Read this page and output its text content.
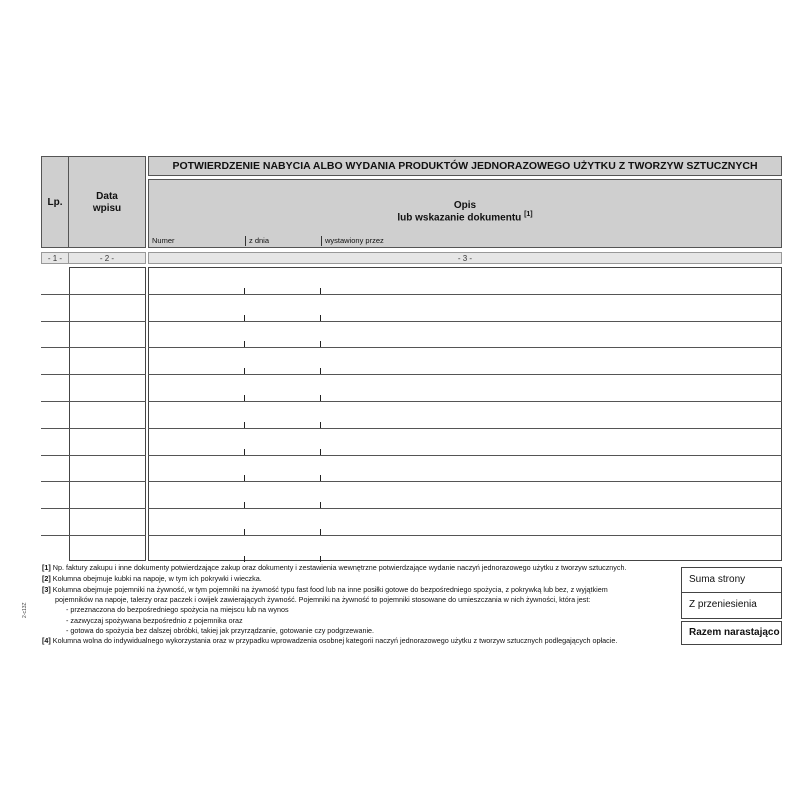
Lp.
Data
wpisu
POTWIERDZENIE NABYCIA ALBO WYDANIA PRODUKTÓW JEDNORAZOWEGO UŻYTKU Z TWORZYW SZTUCZNYCH
Opis
lub wskazanie dokumentu [1]
Numer	z dnia	wystawiony przez
- 1 -	- 2 -	- 3 -
[1] Np. faktury zakupu i inne dokumenty potwierdzające zakup oraz dokumenty i zestawienia wewnętrzne potwierdzające wydanie naczyń jednorazowego użytku z tworzyw sztucznych.
[2] Kolumna obejmuje kubki na napoje, w tym ich pokrywki i wieczka.
[3] Kolumna obejmuje pojemniki na żywność, w tym pojemniki na żywność typu fast food lub na inne posiłki gotowe do bezpośredniego spożycia, z pokrywką lub bez, z wyjątkiem
pojemników na napoje, talerzy oraz paczek i owijek zawierających żywność. Pojemniki na żywność to pojemniki stosowane do umieszczania w nich żywności, która jest:
- przeznaczona do bezpośredniego spożycia na miejscu lub na wynos
- zazwyczaj spożywana bezpośrednio z pojemnika oraz
- gotowa do spożycia bez dalszej obróbki, takiej jak przyrządzanie, gotowanie czy podgrzewanie.
[4] Kolumna wolna do indywidualnego wykorzystania oraz w przypadku wprowadzenia osobnej kategorii naczyń jednorazowego użytku z tworzyw sztucznych podlegających opłacie.
2-c13Z
Suma strony
Z przeniesienia
Razem narastająco
